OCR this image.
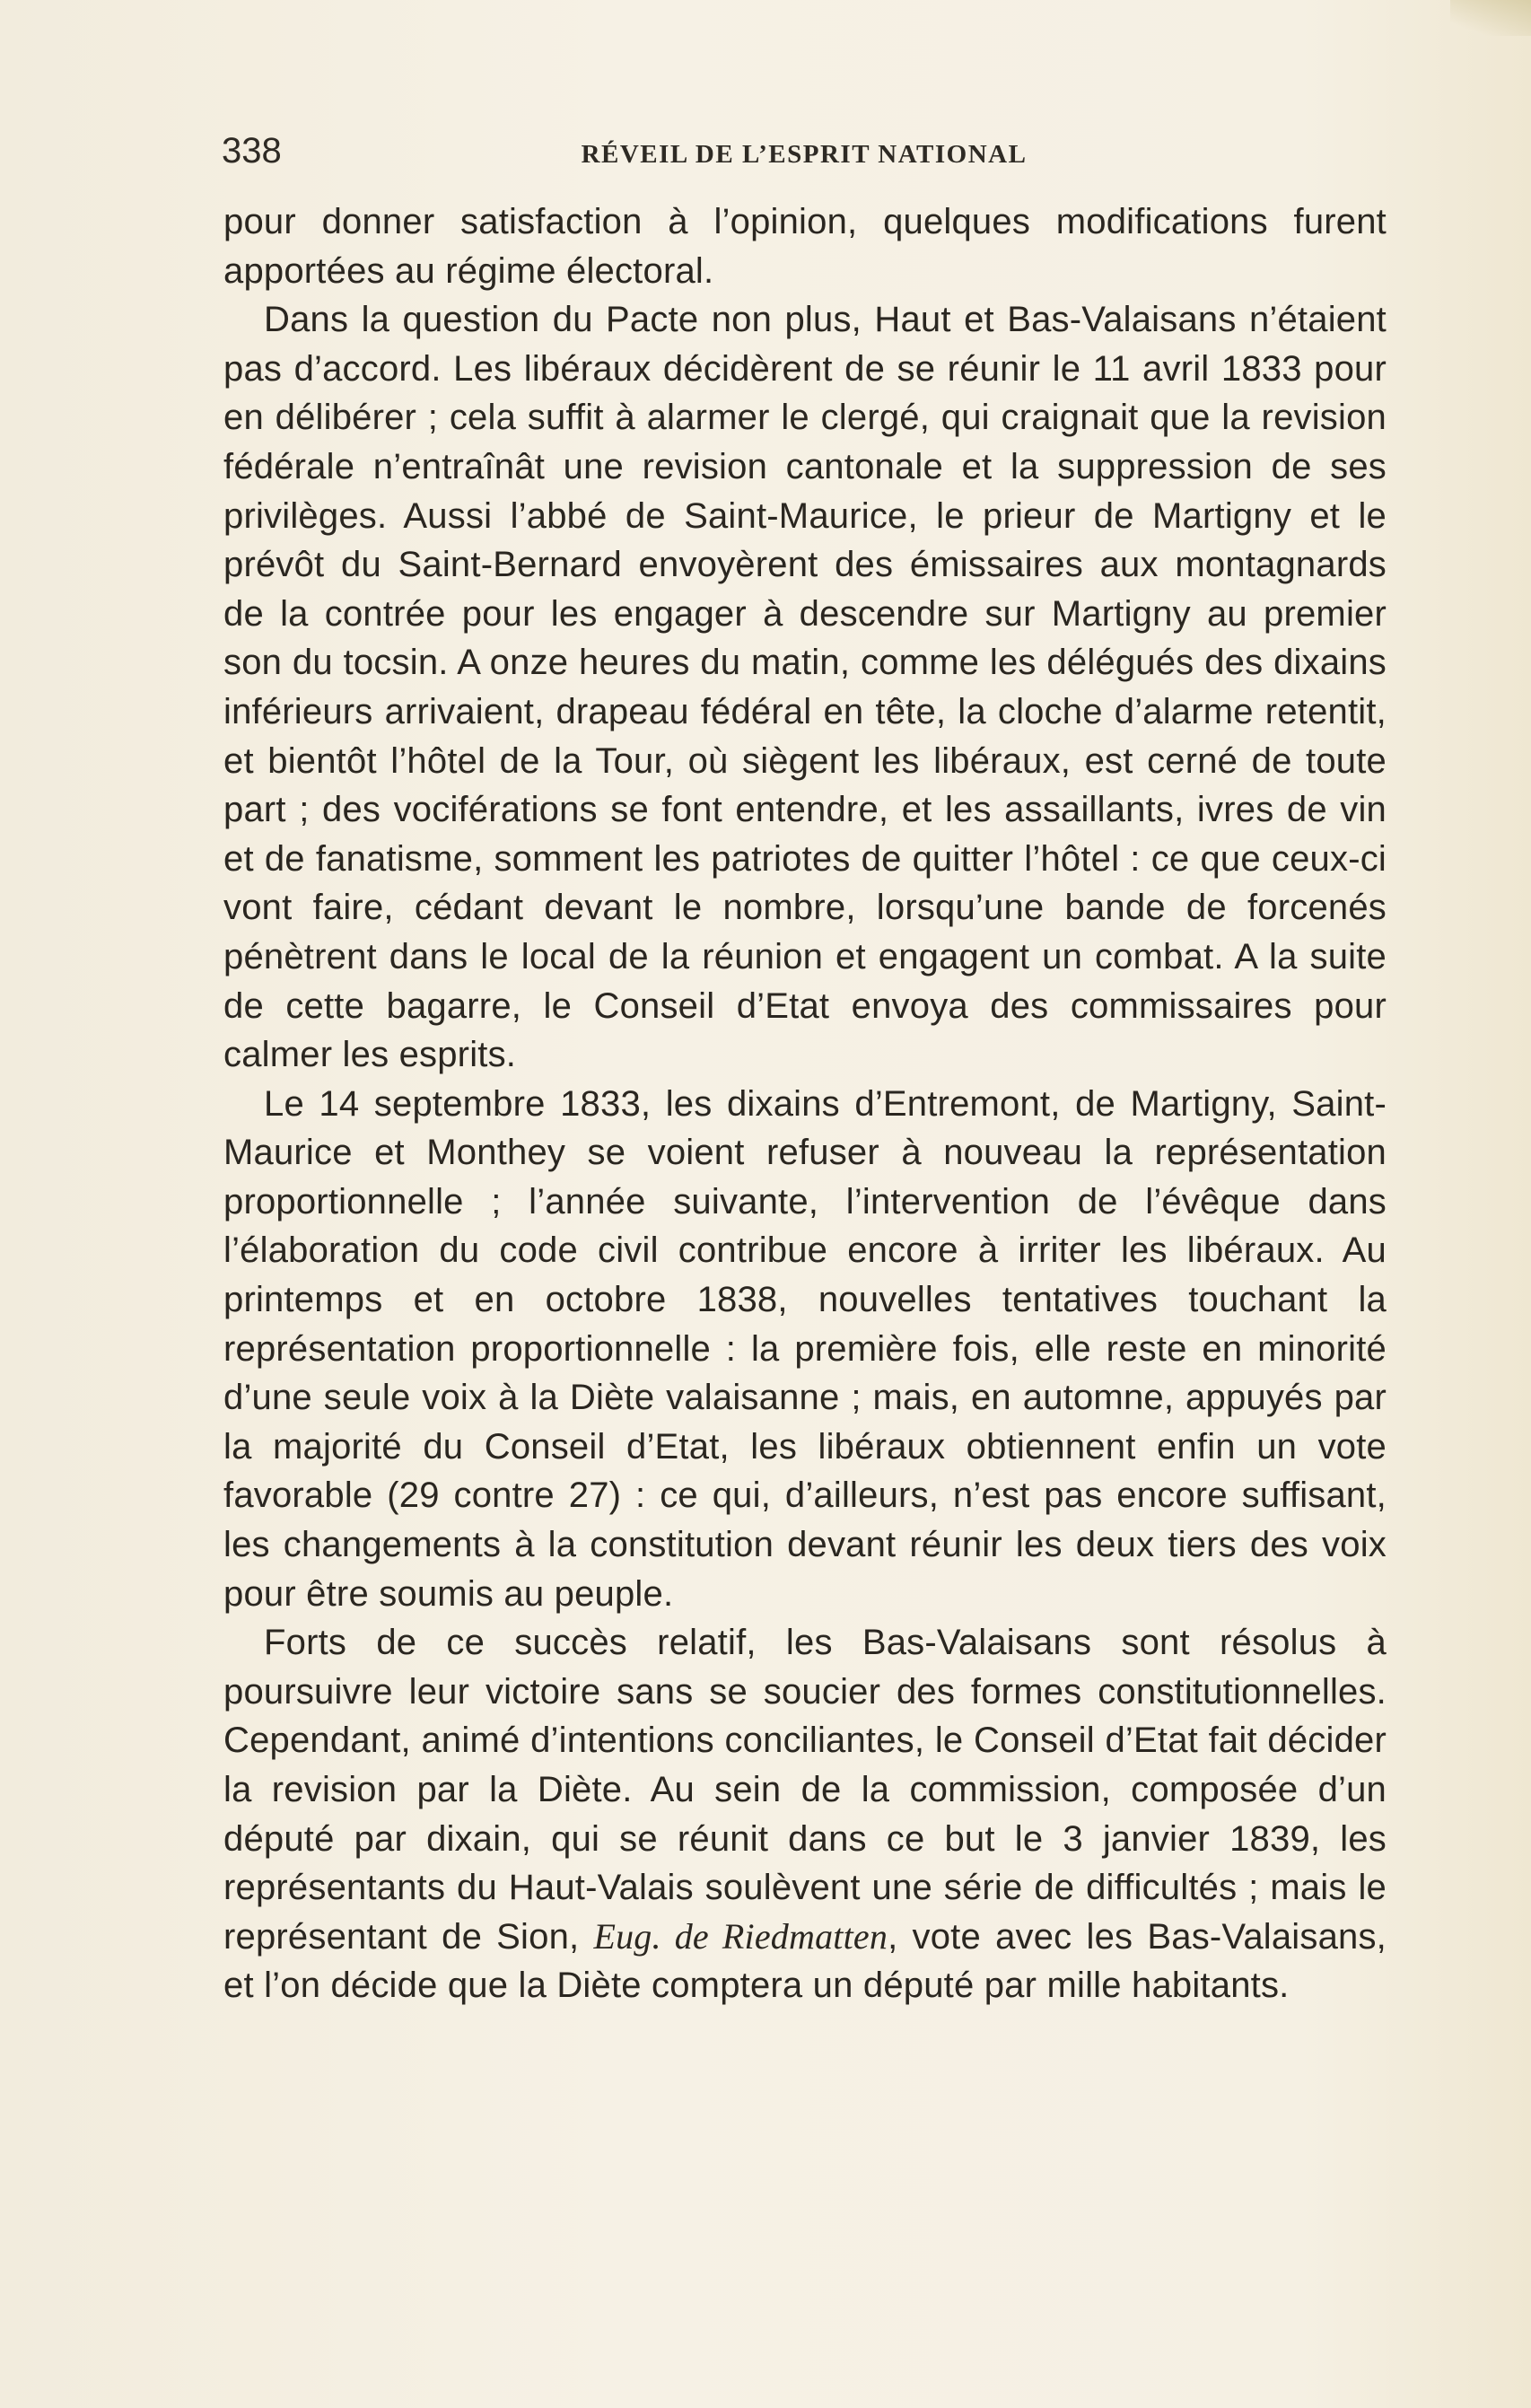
338	RÉVEIL DE L’ESPRIT NATIONAL

pour donner satisfaction à l’opinion, quelques modifications furent apportées au régime électoral.

Dans la question du Pacte non plus, Haut et Bas-Valaisans n’étaient pas d’accord. Les libéraux décidèrent de se réunir le 11 avril 1833 pour en délibérer ; cela suffit à alarmer le clergé, qui craignait que la revision fédérale n’entraînât une revision cantonale et la suppression de ses privilèges. Aussi l’abbé de Saint-Maurice, le prieur de Martigny et le prévôt du Saint-Bernard envoyèrent des émissaires aux montagnards de la contrée pour les engager à descendre sur Martigny au premier son du tocsin. A onze heures du matin, comme les délégués des dixains inférieurs arrivaient, drapeau fédéral en tête, la cloche d’alarme retentit, et bientôt l’hôtel de la Tour, où siègent les libéraux, est cerné de toute part ; des vociférations se font entendre, et les assaillants, ivres de vin et de fanatisme, somment les patriotes de quitter l’hôtel : ce que ceux-ci vont faire, cédant devant le nombre, lorsqu’une bande de forcenés pénètrent dans le local de la réunion et engagent un combat. A la suite de cette bagarre, le Conseil d’Etat envoya des commissaires pour calmer les esprits.

Le 14 septembre 1833, les dixains d’Entremont, de Martigny, Saint-Maurice et Monthey se voient refuser à nouveau la représentation proportionnelle ; l’année suivante, l’intervention de l’évêque dans l’élaboration du code civil contribue encore à irriter les libéraux. Au printemps et en octobre 1838, nouvelles tentatives touchant la représentation proportionnelle : la première fois, elle reste en minorité d’une seule voix à la Diète valaisanne ; mais, en automne, appuyés par la majorité du Conseil d’Etat, les libéraux obtiennent enfin un vote favorable (29 contre 27) : ce qui, d’ailleurs, n’est pas encore suffisant, les changements à la constitution devant réunir les deux tiers des voix pour être soumis au peuple.

Forts de ce succès relatif, les Bas-Valaisans sont résolus à poursuivre leur victoire sans se soucier des formes constitutionnelles. Cependant, animé d’intentions conciliantes, le Conseil d’Etat fait décider la revision par la Diète. Au sein de la commission, composée d’un député par dixain, qui se réunit dans ce but le 3 janvier 1839, les représentants du Haut-Valais soulèvent une série de difficultés ; mais le représentant de Sion, Eug. de Riedmatten, vote avec les Bas-Valaisans, et l’on décide que la Diète comptera un député par mille habitants.
